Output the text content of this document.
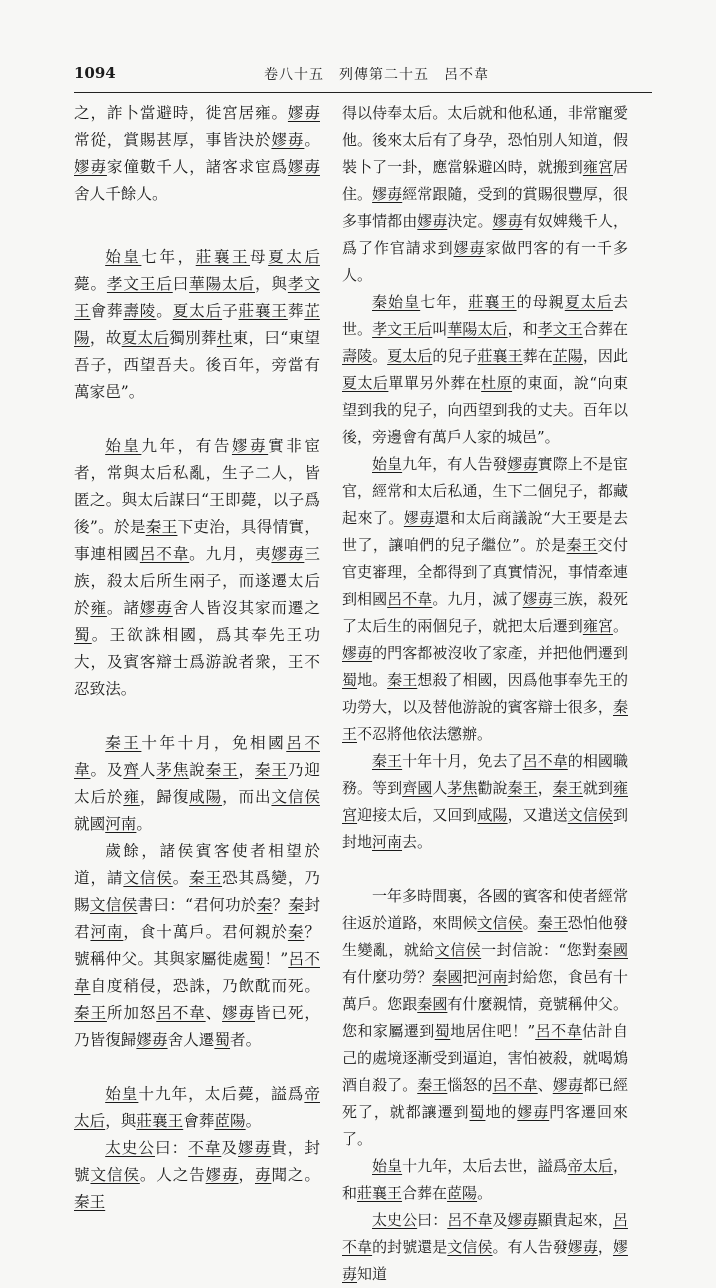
1094	卷八十五　列傳第二十五　呂不韋

之，詐卜當避時，徙宮居雍。嫪毐常從，賞賜甚厚，事皆決於嫪毐。嫪毐家僮數千人，諸客求宦爲嫪毐舍人千餘人。

始皇七年，莊襄王母夏太后薨。孝文王后曰華陽太后，與孝文王會葬壽陵。夏太后子莊襄王葬芷陽，故夏太后獨別葬杜東，曰“東望吾子，西望吾夫。後百年，旁當有萬家邑”。

始皇九年，有告嫪毐實非宦者，常與太后私亂，生子二人，皆匿之。與太后謀曰“王即薨，以子爲後”。於是秦王下吏治，具得情實，事連相國呂不韋。九月，夷嫪毐三族，殺太后所生兩子，而遂遷太后於雍。諸嫪毐舍人皆沒其家而遷之蜀。王欲誅相國，爲其奉先王功大，及賓客辯士爲游說者衆，王不忍致法。

秦王十年十月，免相國呂不韋。及齊人茅焦說秦王，秦王乃迎太后於雍，歸復咸陽，而出文信侯就國河南。

歲餘，諸侯賓客使者相望於道，請文信侯。秦王恐其爲變，乃賜文信侯書曰：“君何功於秦？秦封君河南，食十萬戶。君何親於秦？號稱仲父。其與家屬徙處蜀！”呂不韋自度稍侵，恐誅，乃飲酖而死。秦王所加怒呂不韋、嫪毐皆已死，乃皆復歸嫪毐舍人遷蜀者。

始皇十九年，太后薨，謚爲帝太后，與莊襄王會葬茝陽。

太史公曰：不韋及嫪毐貴，封號文信侯。人之告嫪毐，毐聞之。秦王

得以侍奉太后。太后就和他私通，非常寵愛他。後來太后有了身孕，恐怕別人知道，假裝卜了一卦，應當躲避凶時，就搬到雍宮居住。嫪毐經常跟隨，受到的賞賜很豐厚，很多事情都由嫪毐決定。嫪毐有奴婢幾千人，爲了作官請求到嫪毐家做門客的有一千多人。

秦始皇七年，莊襄王的母親夏太后去世。孝文王后叫華陽太后，和孝文王合葬在壽陵。夏太后的兒子莊襄王葬在芷陽，因此夏太后單單另外葬在杜原的東面，說“向東望到我的兒子，向西望到我的丈夫。百年以後，旁邊會有萬戶人家的城邑”。

始皇九年，有人告發嫪毐實際上不是宦官，經常和太后私通，生下二個兒子，都藏起來了。嫪毐還和太后商議說“大王要是去世了，讓咱們的兒子繼位”。於是秦王交付官吏審理，全都得到了真實情況，事情牽連到相國呂不韋。九月，滅了嫪毐三族，殺死了太后生的兩個兒子，就把太后遷到雍宮。嫪毐的門客都被沒收了家產，并把他們遷到蜀地。秦王想殺了相國，因爲他事奉先王的功勞大，以及替他游說的賓客辯士很多，秦王不忍將他依法懲辦。

秦王十年十月，免去了呂不韋的相國職務。等到齊國人茅焦勸說秦王，秦王就到雍宮迎接太后，又回到咸陽，又遣送文信侯到封地河南去。

一年多時間裏，各國的賓客和使者經常往返於道路，來問候文信侯。秦王恐怕他發生變亂，就給文信侯一封信說：“您對秦國有什麼功勞？秦國把河南封給您，食邑有十萬戶。您跟秦國有什麼親情，竟號稱仲父。您和家屬遷到蜀地居住吧！”呂不韋估計自己的處境逐漸受到逼迫，害怕被殺，就喝鴆酒自殺了。秦王惱怒的呂不韋、嫪毐都已經死了，就都讓遷到蜀地的嫪毐門客遷回來了。

始皇十九年，太后去世，謚爲帝太后，和莊襄王合葬在茝陽。

太史公曰：呂不韋及嫪毐顯貴起來，呂不韋的封號還是文信侯。有人告發嫪毐，嫪毐知道
